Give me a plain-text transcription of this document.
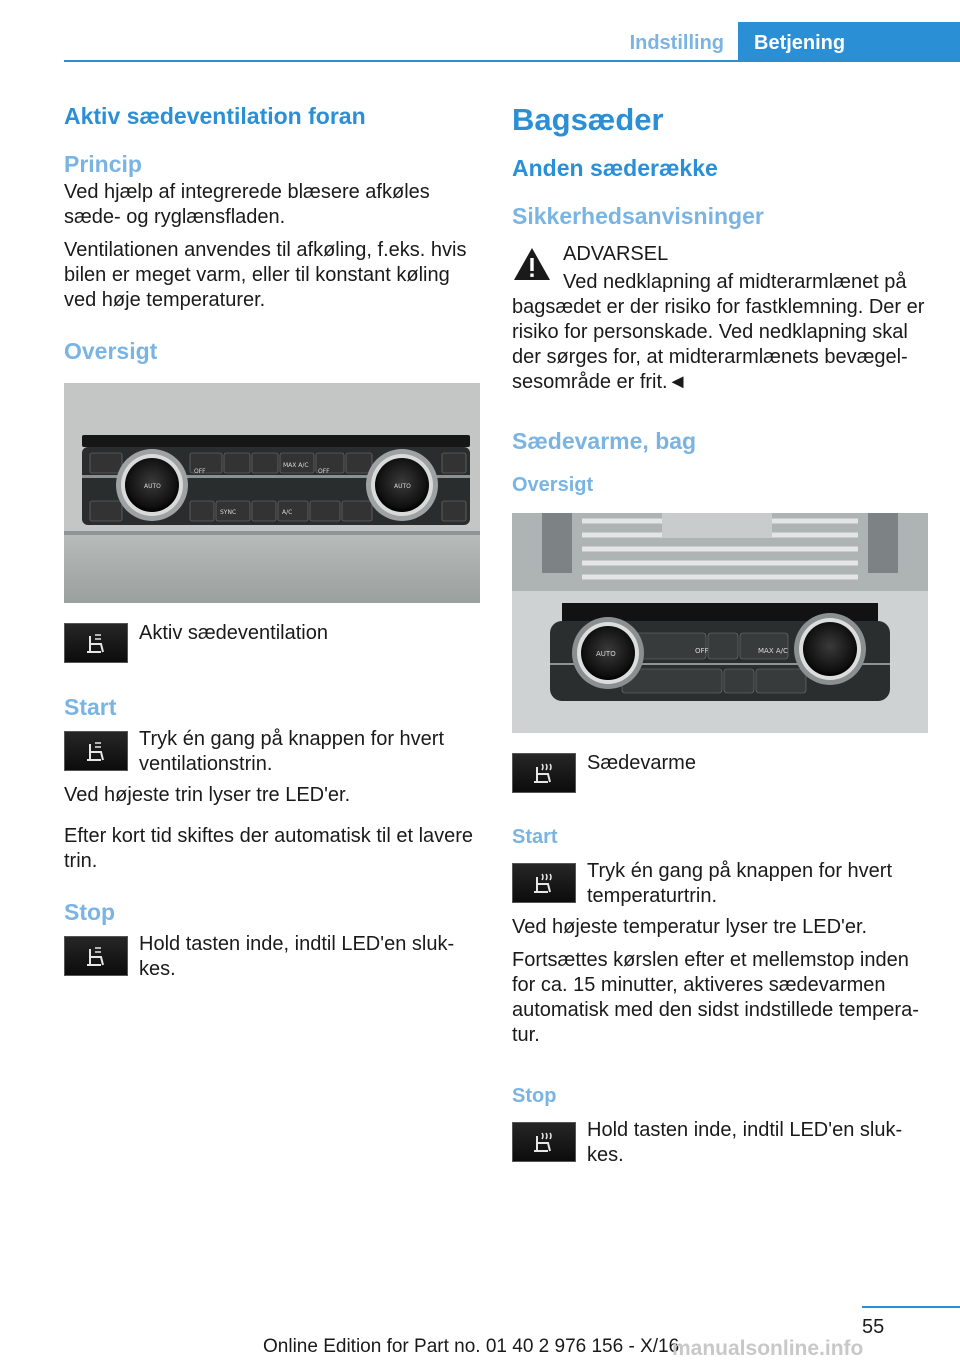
Indstilling	Betjening
Aktiv sædeventilation foran
Princip

Ved hjælp af integrerede blæsere afkøles sæde- og ryglænsfladen.

Ventilationen anvendes til afkøling, f.eks. hvis bilen er meget varm, eller til konstant køling ved høje temperaturer.

Oversigt
AUTO	AUTO
OFF
MAX A/C
OFF
SYNC	A/C
Aktiv sædeventilation
Start
Tryk én gang på knappen for hvert ventilationstrin.

Ved højeste trin lyser tre LED'er.

Efter kort tid skiftes der automatisk til et lavere trin.

Stop
Hold tasten inde, indtil LED'en slukkes.
Bagsæder
Anden sæderække
Sikkerhedsanvisninger
ADVARSEL

Ved nedklapning af midterarmlænet på bagsædet er der risiko for fastklemning. Der er risiko for personskade. Ved nedklapning skal der sørges for, at midterarmlænets bevægelsesområde er frit.◄

Sædevarme, bag
Oversigt
AUTO	OFF	MAX A/C
Sædevarme
Start
Tryk én gang på knappen for hvert temperaturtrin.

Ved højeste temperatur lyser tre LED'er.

Fortsættes kørslen efter et mellemstop inden for ca. 15 minutter, aktiveres sædevarmen automatisk med den sidst indstillede temperatur.

Stop
Hold tasten inde, indtil LED'en slukkes.
55
Online Edition for Part no. 01 40 2 976 156 - X/16
manualsonline.info
